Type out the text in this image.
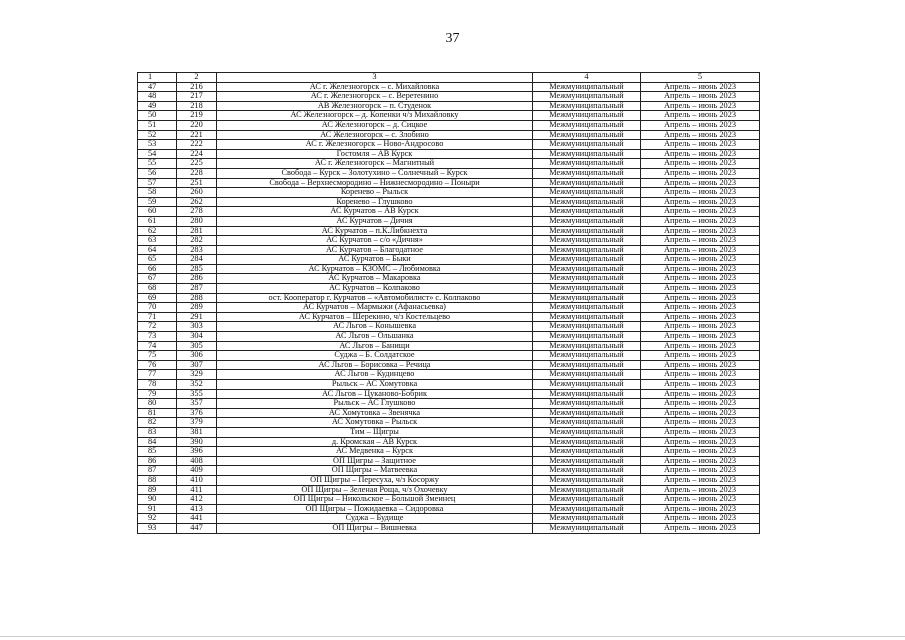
37
1	2	3	4	5
47	216	АС г. Железногорск – с. Михайловка	Межмуниципальный	Апрель – июнь 2023
48	217	АС г. Железногорск – с. Веретенино	Межмуниципальный	Апрель – июнь 2023
49	218	АВ Железногорск – п. Студенок	Межмуниципальный	Апрель – июнь 2023
50	219	АС Железногорск – д. Копенки ч/з Михайловку	Межмуниципальный	Апрель – июнь 2023
51	220	АС Железногорск – д. Сицкое	Межмуниципальный	Апрель – июнь 2023
52	221	АС Железногорск – с. Злобино	Межмуниципальный	Апрель – июнь 2023
53	222	АС г. Железногорск – Ново-Андросово	Межмуниципальный	Апрель – июнь 2023
54	224	Гостомля – АВ Курск	Межмуниципальный	Апрель – июнь 2023
55	225	АС г. Железногорск – Магнитный	Межмуниципальный	Апрель – июнь 2023
56	228	Свобода – Курск – Золотухино – Солнечный – Курск	Межмуниципальный	Апрель – июнь 2023
57	251	Свобода – Верхнесмородино – Нижнесмородино – Поныри	Межмуниципальный	Апрель – июнь 2023
58	260	Коренево – Рыльск	Межмуниципальный	Апрель – июнь 2023
59	262	Коренево – Глушково	Межмуниципальный	Апрель – июнь 2023
60	278	АС Курчатов – АВ Курск	Межмуниципальный	Апрель – июнь 2023
61	280	АС Курчатов – Дичня	Межмуниципальный	Апрель – июнь 2023
62	281	АС Курчатов – п.К.Либкнехта	Межмуниципальный	Апрель – июнь 2023
63	282	АС Курчатов – с/о «Дичня»	Межмуниципальный	Апрель – июнь 2023
64	283	АС Курчатов – Благодатное	Межмуниципальный	Апрель – июнь 2023
65	284	АС Курчатов – Быки	Межмуниципальный	Апрель – июнь 2023
66	285	АС Курчатов – КЗОМС – Любимовка	Межмуниципальный	Апрель – июнь 2023
67	286	АС Курчатов – Макаровка	Межмуниципальный	Апрель – июнь 2023
68	287	АС Курчатов – Колпаково	Межмуниципальный	Апрель – июнь 2023
69	288	ост. Кооператор г. Курчатов – «Автомобилист» с. Колпаково	Межмуниципальный	Апрель – июнь 2023
70	289	АС Курчатов – Мармыжи (Афанасьевка)	Межмуниципальный	Апрель – июнь 2023
71	291	АС Курчатов – Шерекино, ч/з Костельцево	Межмуниципальный	Апрель – июнь 2023
72	303	АС Льгов – Конышевка	Межмуниципальный	Апрель – июнь 2023
73	304	АС Льгов – Ольшанка	Межмуниципальный	Апрель – июнь 2023
74	305	АС Льгов – Банищи	Межмуниципальный	Апрель – июнь 2023
75	306	Суджа – Б. Солдатское	Межмуниципальный	Апрель – июнь 2023
76	307	АС Льгов – Борисовка – Речица	Межмуниципальный	Апрель – июнь 2023
77	329	АС Льгов – Кудинцево	Межмуниципальный	Апрель – июнь 2023
78	352	Рыльск – АС Хомутовка	Межмуниципальный	Апрель – июнь 2023
79	355	АС Льгов – Цуканово-Бобрик	Межмуниципальный	Апрель – июнь 2023
80	357	Рыльск – АС Глушково	Межмуниципальный	Апрель – июнь 2023
81	376	АС Хомутовка – Звенячка	Межмуниципальный	Апрель – июнь 2023
82	379	АС Хомутовка – Рыльск	Межмуниципальный	Апрель – июнь 2023
83	381	Тим – Щигры	Межмуниципальный	Апрель – июнь 2023
84	390	д. Кромская – АВ Курск	Межмуниципальный	Апрель – июнь 2023
85	396	АС Медвенка – Курск	Межмуниципальный	Апрель – июнь 2023
86	408	ОП Щигры – Защитное	Межмуниципальный	Апрель – июнь 2023
87	409	ОП Щигры – Матвеевка	Межмуниципальный	Апрель – июнь 2023
88	410	ОП Щигры – Пересуха, ч/з Косоржу	Межмуниципальный	Апрель – июнь 2023
89	411	ОП Щигры – Зеленая Роща, ч/з Охочевку	Межмуниципальный	Апрель – июнь 2023
90	412	ОП Щигры – Никольское – Большой Змеинец	Межмуниципальный	Апрель – июнь 2023
91	413	ОП Щигры – Пожидаевка – Сидоровка	Межмуниципальный	Апрель – июнь 2023
92	441	Суджа – Будище	Межмуниципальный	Апрель – июнь 2023
93	447	ОП Щигры – Вишневка	Межмуниципальный	Апрель – июнь 2023
